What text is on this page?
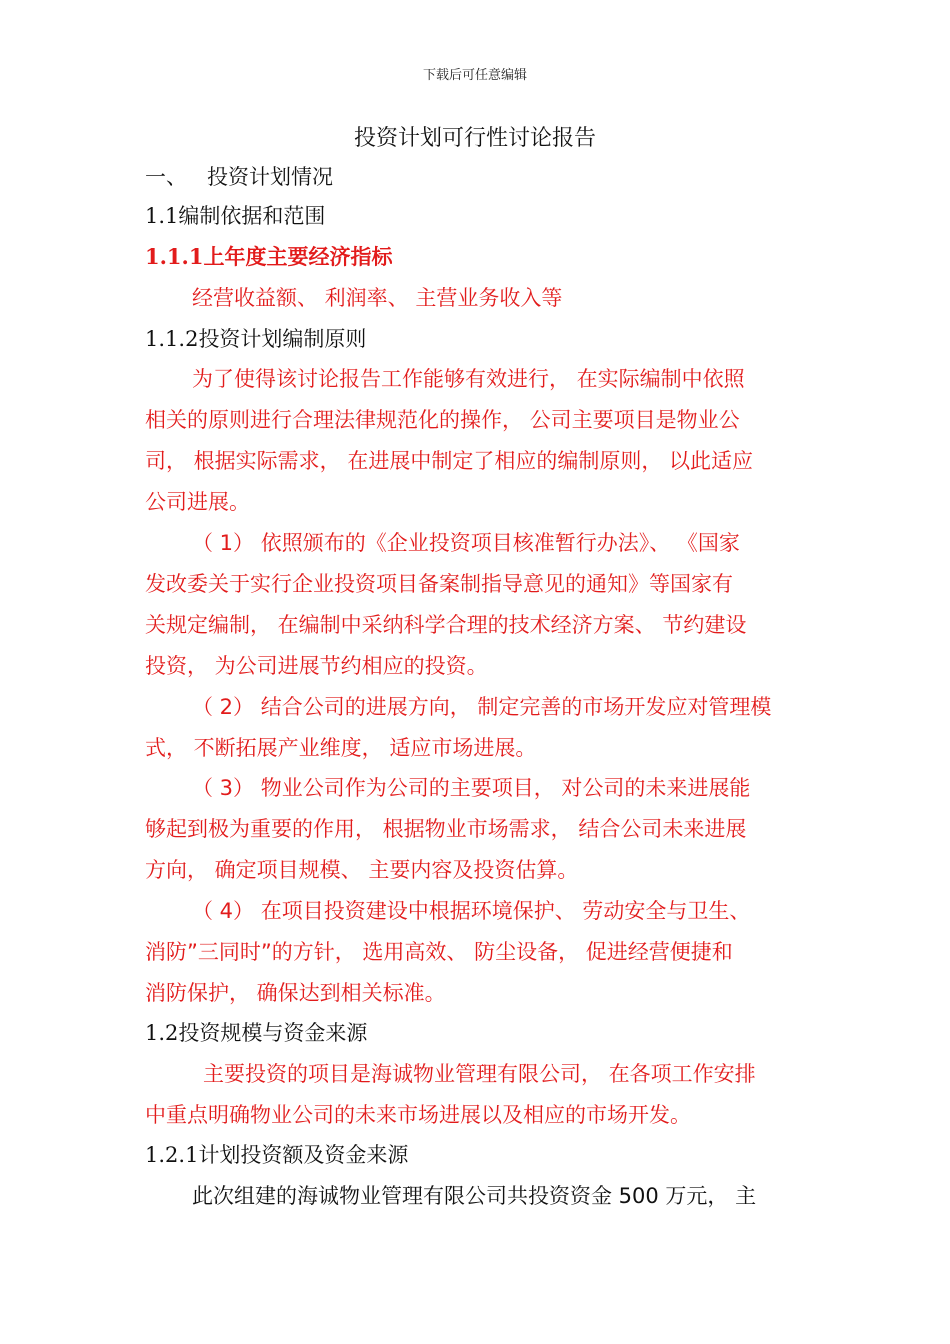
下载后可任意编辑
投资计划可行性讨论报告
一、 投资计划情况
1.1编制依据和范围
1.1.1上年度主要经济指标
经营收益额、 利润率、 主营业务收入等
1.1.2投资计划编制原则
为了使得该讨论报告工作能够有效进行， 在实际编制中依照
相关的原则进行合理法律规范化的操作， 公司主要项目是物业公
司， 根据实际需求， 在进展中制定了相应的编制原则， 以此适应
公司进展。
（ 1） 依照颁布的《企业投资项目核准暂行办法》、 《国家
发改委关于实行企业投资项目备案制指导意见的通知》等国家有
关规定编制， 在编制中采纳科学合理的技术经济方案、 节约建设
投资， 为公司进展节约相应的投资。
（ 2） 结合公司的进展方向， 制定完善的市场开发应对管理模
式， 不断拓展产业维度， 适应市场进展。
（ 3） 物业公司作为公司的主要项目， 对公司的未来进展能
够起到极为重要的作用， 根据物业市场需求， 结合公司未来进展
方向， 确定项目规模、 主要内容及投资估算。
（ 4） 在项目投资建设中根据环境保护、 劳动安全与卫生、
消防”三同时”的方针， 选用高效、 防尘设备， 促进经营便捷和
消防保护， 确保达到相关标准。
1.2投资规模与资金来源
主要投资的项目是海诚物业管理有限公司， 在各项工作安排
中重点明确物业公司的未来市场进展以及相应的市场开发。
1.2.1计划投资额及资金来源
此次组建的海诚物业管理有限公司共投资资金 500 万元， 主
